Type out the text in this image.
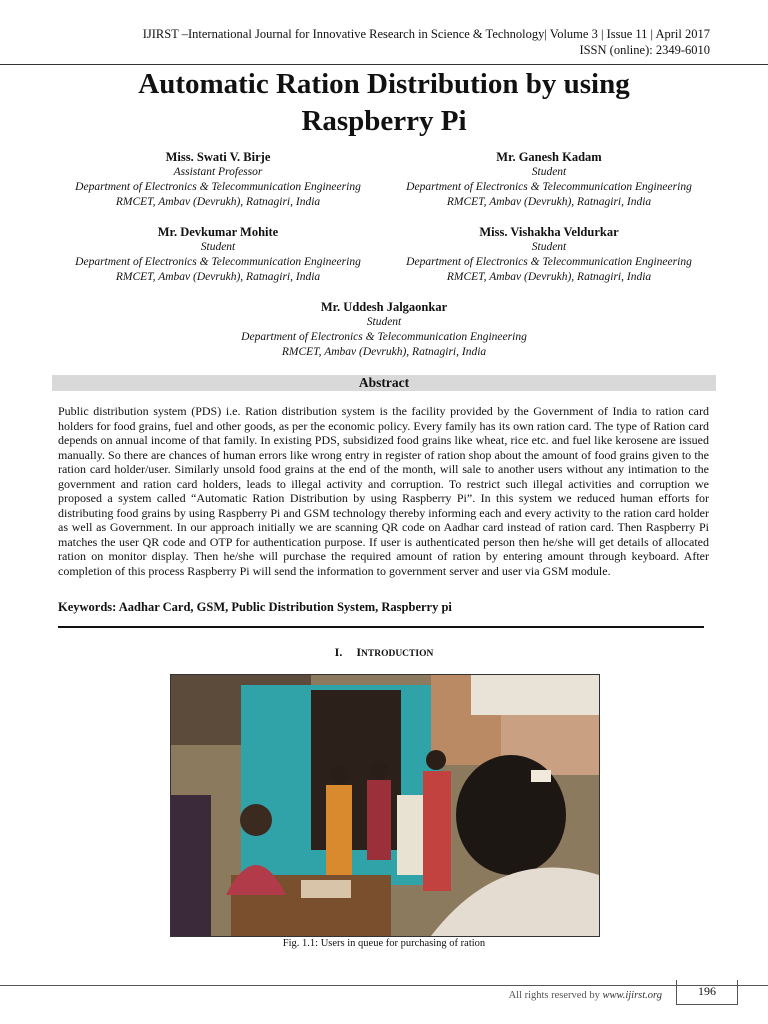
IJIRST –International Journal for Innovative Research in Science & Technology| Volume 3 | Issue 11 | April 2017
ISSN (online): 2349-6010
Automatic Ration Distribution by using
Raspberry Pi
Miss. Swati V. Birje
Assistant Professor
Department of Electronics & Telecommunication Engineering
RMCET, Ambav (Devrukh), Ratnagiri, India
Mr. Ganesh Kadam
Student
Department of Electronics & Telecommunication Engineering
RMCET, Ambav (Devrukh), Ratnagiri, India
Mr. Devkumar Mohite
Student
Department of Electronics & Telecommunication Engineering
RMCET, Ambav (Devrukh), Ratnagiri, India
Miss. Vishakha Veldurkar
Student
Department of Electronics & Telecommunication Engineering
RMCET, Ambav (Devrukh), Ratnagiri, India
Mr. Uddesh Jalgaonkar
Student
Department of Electronics & Telecommunication Engineering
RMCET, Ambav (Devrukh), Ratnagiri, India
Abstract
Public distribution system (PDS) i.e. Ration distribution system is the facility provided by the Government of India to ration card holders for food grains, fuel and other goods, as per the economic policy. Every family has its own ration card. The type of Ration card depends on annual income of that family. In existing PDS, subsidized food grains like wheat, rice etc. and fuel like kerosene are issued manually. So there are chances of human errors like wrong entry in register of ration shop about the amount of food grains given to the ration card holder/user. Similarly unsold food grains at the end of the month, will sale to another users without any intimation to the government and ration card holders, leads to illegal activity and corruption. To restrict such illegal activities and corruption we proposed a system called “Automatic Ration Distribution by using Raspberry Pi”. In this system we reduced human efforts for distributing food grains by using Raspberry Pi and GSM technology thereby informing each and every activity to the ration card holder as well as Government. In our approach initially we are scanning QR code on Aadhar card instead of ration card. Then Raspberry Pi matches the user QR code and OTP for authentication purpose. If user is authenticated person then he/she will get details of allocated ration on monitor display. Then he/she will purchase the required amount of ration by entering amount through keyboard. After completion of this process Raspberry Pi will send the information to government server and user via GSM module.
Keywords: Aadhar Card, GSM, Public Distribution System, Raspberry pi
I. INTRODUCTION
Fig. 1.1: Users in queue for purchasing of ration
All rights reserved by www.ijirst.org	196
